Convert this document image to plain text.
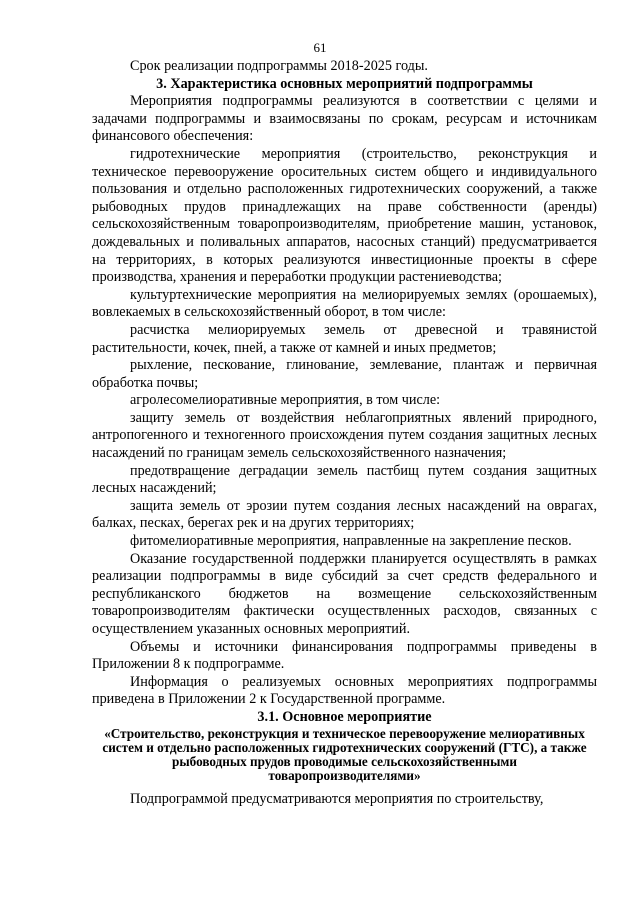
61

Срок реализации подпрограммы 2018-2025 годы.

3. Характеристика основных мероприятий подпрограммы

Мероприятия подпрограммы реализуются в соответствии с целями и задачами подпрограммы и взаимосвязаны по срокам, ресурсам и источникам финансового обеспечения:

гидротехнические мероприятия (строительство, реконструкция и техническое перевооружение оросительных систем общего и индивидуального пользования и отдельно расположенных гидротехнических сооружений, а также рыбоводных прудов принадлежащих на праве собственности (аренды) сельскохозяйственным товаропроизводителям, приобретение машин, установок, дождевальных и поливальных аппаратов, насосных станций) предусматривается на территориях, в которых реализуются инвестиционные проекты в сфере производства, хранения и переработки продукции растениеводства;

культуртехнические мероприятия на мелиорируемых землях (орошаемых), вовлекаемых в сельскохозяйственный оборот, в том числе:

расчистка мелиорируемых земель от древесной и травянистой растительности, кочек, пней, а также от камней и иных предметов;

рыхление, пескование, глинование, землевание, плантаж и первичная обработка почвы;

агролесомелиоративные мероприятия, в том числе:

защиту земель от воздействия неблагоприятных явлений природного, антропогенного и техногенного происхождения путем создания защитных лесных насаждений по границам земель сельскохозяйственного назначения;

предотвращение деградации земель пастбищ путем создания защитных лесных насаждений;

защита земель от эрозии путем создания лесных насаждений на оврагах, балках, песках, берегах рек и на других территориях;

фитомелиоративные мероприятия, направленные на закрепление песков.

Оказание государственной поддержки планируется осуществлять в рамках реализации подпрограммы в виде субсидий за счет средств федерального и республиканского бюджетов на возмещение сельскохозяйственным товаропроизводителям фактически осуществленных расходов, связанных с осуществлением указанных основных мероприятий.

Объемы и источники финансирования подпрограммы приведены в Приложении 8 к подпрограмме.

Информация о реализуемых основных мероприятиях подпрограммы приведена в Приложении 2 к Государственной программе.

3.1. Основное мероприятие
«Строительство, реконструкция и техническое перевооружение мелиоративных систем и отдельно расположенных гидротехнических сооружений (ГТС), а также рыбоводных прудов проводимые сельскохозяйственными товаропроизводителями»

Подпрограммой предусматриваются мероприятия по строительству,
